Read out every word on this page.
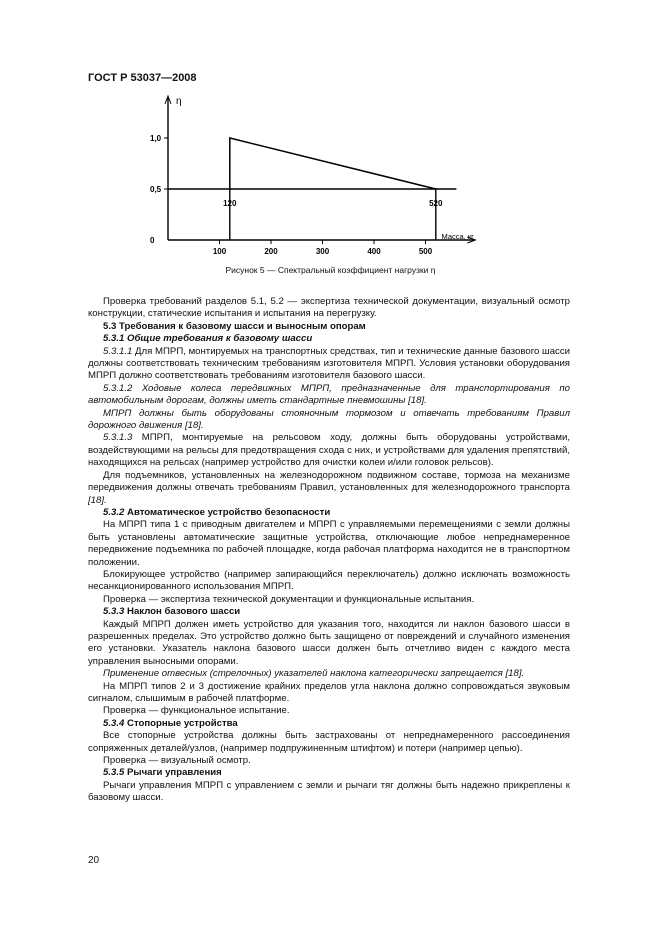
ГОСТ Р 53037—2008
η
Масса, кг
0
0,5
1,0
100	200	300	400	500
120	520
Рисунок 5 — Спектральный коэффициент нагрузки η

Проверка требований разделов 5.1, 5.2 — экспертиза технической документации, визуальный осмотр конструкции, статические испытания и испытания на перегрузку.

5.3 Требования к базовому шасси и выносным опорам

5.3.1 Общие требования к базовому шасси

5.3.1.1 Для МПРП, монтируемых на транспортных средствах, тип и технические данные базового шасси должны соответствовать техническим требованиям изготовителя МПРП. Условия установки оборудования МПРП должно соответствовать требованиям изготовителя базового шасси.

5.3.1.2 Ходовые колеса передвижных МПРП, предназначенные для транспортирования по автомобильным дорогам, должны иметь стандартные пневмошины [18].

МПРП должны быть оборудованы стояночным тормозом и отвечать требованиям Правил дорожного движения [18].

5.3.1.3 МПРП, монтируемые на рельсовом ходу, должны быть оборудованы устройствами, воздействующими на рельсы для предотвращения схода с них, и устройствами для удаления препятствий, находящихся на рельсах (например устройство для очистки колеи и/или головок рельсов).

Для подъемников, установленных на железнодорожном подвижном составе, тормоза на механизме передвижения должны отвечать требованиям Правил, установленных для железнодорожного транспорта [18].

5.3.2 Автоматическое устройство безопасности

На МПРП типа 1 с приводным двигателем и МПРП с управляемыми перемещениями с земли должны быть установлены автоматические защитные устройства, отключающие любое непреднамеренное передвижение подъемника по рабочей площадке, когда рабочая платформа находится не в транспортном положении.

Блокирующее устройство (например запирающийся переключатель) должно исключать возможность несанкционированного использования МПРП.

Проверка — экспертиза технической документации и функциональные испытания.

5.3.3 Наклон базового шасси

Каждый МПРП должен иметь устройство для указания того, находится ли наклон базового шасси в разрешенных пределах. Это устройство должно быть защищено от повреждений и случайного изменения его установки. Указатель наклона базового шасси должен быть отчетливо виден с каждого места управления выносными опорами.

Применение отвесных (стрелочных) указателей наклона категорически запрещается [18].

На МПРП типов 2 и 3 достижение крайних пределов угла наклона должно сопровождаться звуковым сигналом, слышимым в рабочей платформе.

Проверка — функциональное испытание.

5.3.4 Стопорные устройства

Все стопорные устройства должны быть застрахованы от непреднамеренного рассоединения сопряженных деталей/узлов, (например подпружиненным штифтом) и потери (например цепью).

Проверка — визуальный осмотр.

5.3.5 Рычаги управления

Рычаги управления МПРП с управлением с земли и рычаги тяг должны быть надежно прикреплены к базовому шасси.

20
